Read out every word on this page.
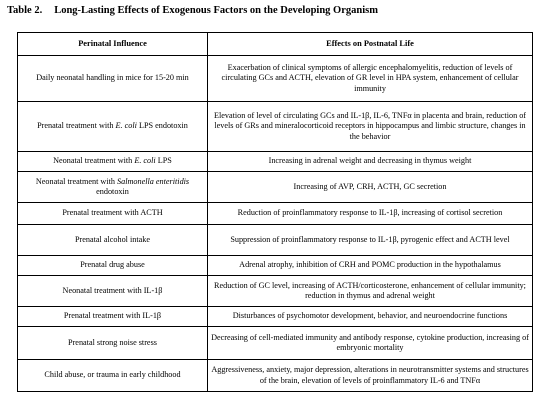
Table 2. Long-Lasting Effects of Exogenous Factors on the Developing Organism
Perinatal Influence	Effects on Postnatal Life
Daily neonatal handling in mice for 15-20 min	Exacerbation of clinical symptoms of allergic encephalomyelitis, reduction of levels of circulating GCs and ACTH, elevation of GR level in HPA system, enhancement of cellular immunity
Prenatal treatment with E. coli LPS endotoxin	Elevation of level of circulating GCs and IL-1β, IL-6, TNFα in placenta and brain, reduction of levels of GRs and mineralocorticoid receptors in hippocampus and limbic structure, changes in the behavior
Neonatal treatment with E. coli LPS	Increasing in adrenal weight and decreasing in thymus weight
Neonatal treatment with Salmonella enteritidis endotoxin	Increasing of AVP, CRH, ACTH, GC secretion
Prenatal treatment with ACTH	Reduction of proinflammatory response to IL-1β, increasing of cortisol secretion
Prenatal alcohol intake	Suppression of proinflammatory response to IL-1β, pyrogenic effect and ACTH level
Prenatal drug abuse	Adrenal atrophy, inhibition of CRH and POMC production in the hypothalamus
Neonatal treatment with IL-1β	Reduction of GC level, increasing of ACTH/corticosterone, enhancement of cellular immunity; reduction in thymus and adrenal weight
Prenatal treatment with IL-1β	Disturbances of psychomotor development, behavior, and neuroendocrine functions
Prenatal strong noise stress	Decreasing of cell-mediated immunity and antibody response, cytokine production, increasing of embryonic mortality
Child abuse, or trauma in early childhood	Aggressiveness, anxiety, major depression, alterations in neurotransmitter systems and structures of the brain, elevation of levels of proinflammatory IL-6 and TNFα
